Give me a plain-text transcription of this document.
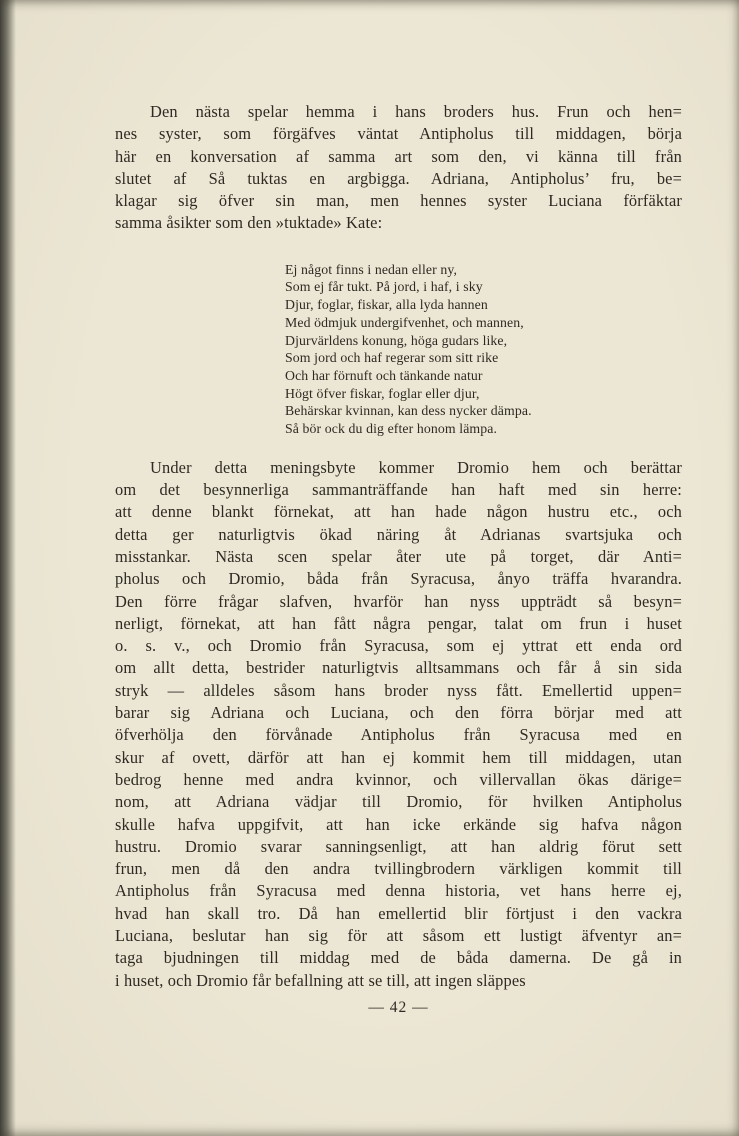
Den nästa spelar hemma i hans broders hus. Frun och hen=
nes syster, som förgäfves väntat Antipholus till middagen, börja
här en konversation af samma art som den, vi känna till från
slutet af Så tuktas en argbigga. Adriana, Antipholus’ fru, be=
klagar sig öfver sin man, men hennes syster Luciana förfäktar
samma åsikter som den »tuktade» Kate:
Ej något finns i nedan eller ny,
Som ej får tukt. På jord, i haf, i sky
Djur, foglar, fiskar, alla lyda hannen
Med ödmjuk undergifvenhet, och mannen,
Djurvärldens konung, höga gudars like,
Som jord och haf regerar som sitt rike
Och har förnuft och tänkande natur
Högt öfver fiskar, foglar eller djur,
Behärskar kvinnan, kan dess nycker dämpa.
Så bör ock du dig efter honom lämpa.
Under detta meningsbyte kommer Dromio hem och berättar
om det besynnerliga sammanträffande han haft med sin herre:
att denne blankt förnekat, att han hade någon hustru etc., och
detta ger naturligtvis ökad näring åt Adrianas svartsjuka och
misstankar. Nästa scen spelar åter ute på torget, där Anti=
pholus och Dromio, båda från Syracusa, ånyo träffa hvarandra.
Den förre frågar slafven, hvarför han nyss uppträdt så besyn=
nerligt, förnekat, att han fått några pengar, talat om frun i huset
o. s. v., och Dromio från Syracusa, som ej yttrat ett enda ord
om allt detta, bestrider naturligtvis alltsammans och får å sin sida
stryk — alldeles såsom hans broder nyss fått. Emellertid uppen=
barar sig Adriana och Luciana, och den förra börjar med att
öfverhölja den förvånade Antipholus från Syracusa med en
skur af ovett, därför att han ej kommit hem till middagen, utan
bedrog henne med andra kvinnor, och villervallan ökas därige=
nom, att Adriana vädjar till Dromio, för hvilken Antipholus
skulle hafva uppgifvit, att han icke erkände sig hafva någon
hustru. Dromio svarar sanningsenligt, att han aldrig förut sett
frun, men då den andra tvillingbrodern värkligen kommit till
Antipholus från Syracusa med denna historia, vet hans herre ej,
hvad han skall tro. Då han emellertid blir förtjust i den vackra
Luciana, beslutar han sig för att såsom ett lustigt äfventyr an=
taga bjudningen till middag med de båda damerna. De gå in
i huset, och Dromio får befallning att se till, att ingen släppes
— 42 —
